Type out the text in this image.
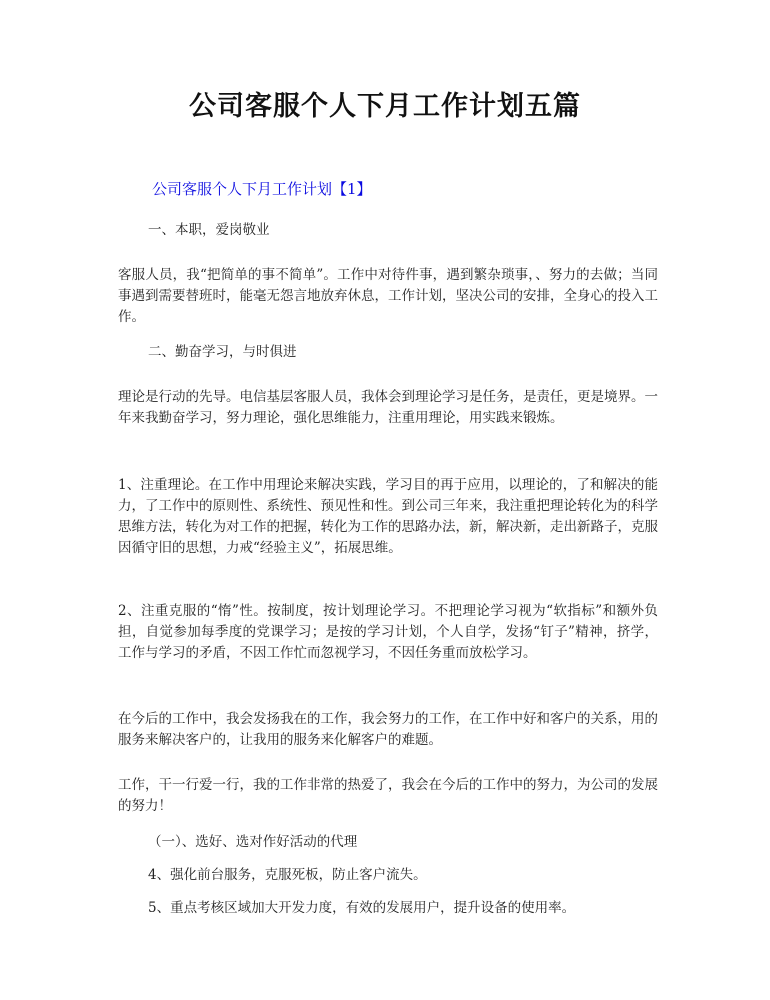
公司客服个人下月工作计划五篇
公司客服个人下月工作计划【1】
一、本职，爱岗敬业

客服人员，我“把简单的事不简单”。工作中对待件事，遇到繁杂琐事，、努力的去做；当同事遇到需要替班时，能毫无怨言地放弃休息，工作计划，坚决公司的安排，全身心的投入工作。

二、勤奋学习，与时俱进

理论是行动的先导。电信基层客服人员，我体会到理论学习是任务，是责任，更是境界。一年来我勤奋学习，努力理论，强化思维能力，注重用理论，用实践来锻炼。

1、注重理论。在工作中用理论来解决实践，学习目的再于应用，以理论的，了和解决的能力，了工作中的原则性、系统性、预见性和性。到公司三年来，我注重把理论转化为的科学思维方法，转化为对工作的把握，转化为工作的思路办法，新，解决新，走出新路子，克服因循守旧的思想，力戒“经验主义”，拓展思维。

2、注重克服的“惰”性。按制度，按计划理论学习。不把理论学习视为“软指标”和额外负担，自觉参加每季度的党课学习；是按的学习计划，个人自学，发扬“钉子”精神，挤学，工作与学习的矛盾，不因工作忙而忽视学习，不因任务重而放松学习。

在今后的工作中，我会发扬我在的工作，我会努力的工作，在工作中好和客户的关系，用的服务来解决客户的，让我用的服务来化解客户的难题。

工作，干一行爱一行，我的工作非常的热爱了，我会在今后的工作中的努力，为公司的发展的努力！

（一）、选好、选对作好活动的代理
4、强化前台服务，克服死板，防止客户流失。
5、重点考核区域加大开发力度，有效的发展用户，提升设备的使用率。
